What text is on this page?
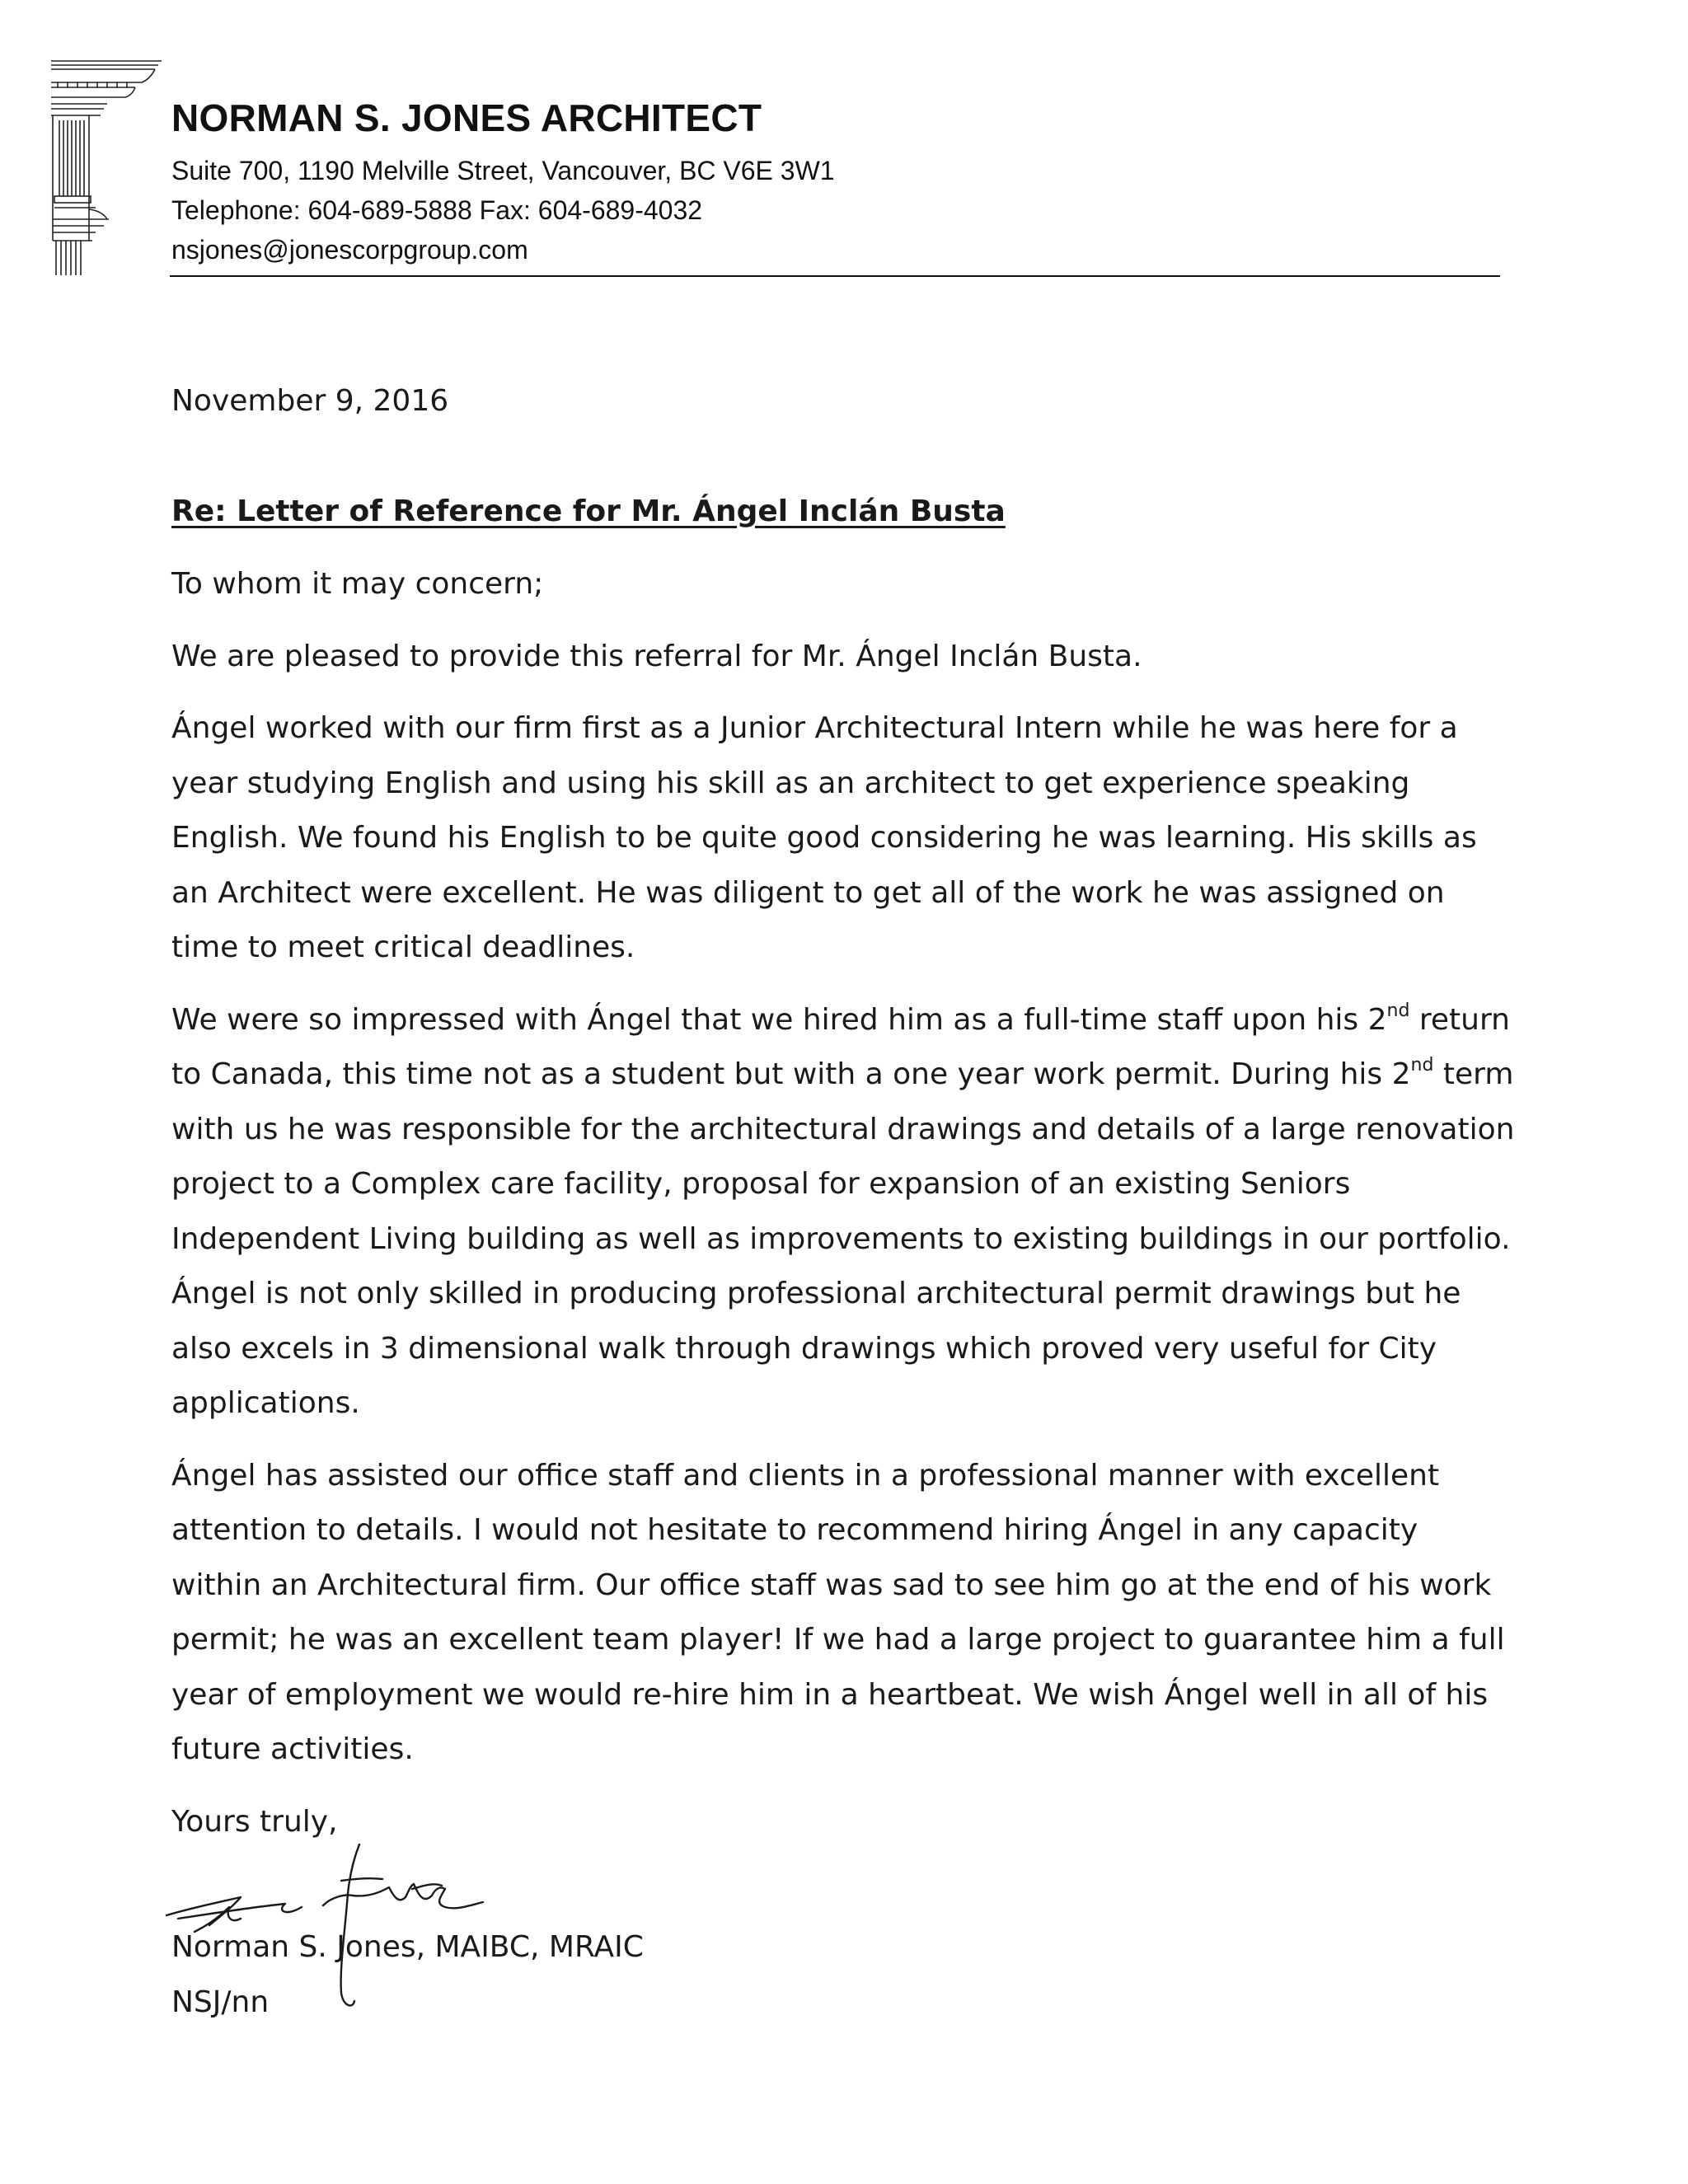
NORMAN S. JONES ARCHITECT

Suite 700, 1190 Melville Street, Vancouver, BC V6E 3W1

Telephone: 604-689-5888 Fax: 604-689-4032

nsjones@jonescorpgroup.com

November 9, 2016

Re: Letter of Reference for Mr. Ángel Inclán Busta

To whom it may concern;

We are pleased to provide this referral for Mr. Ángel Inclán Busta.

Ángel worked with our firm first as a Junior Architectural Intern while he was here for a year studying English and using his skill as an architect to get experience speaking English. We found his English to be quite good considering he was learning. His skills as an Architect were excellent. He was diligent to get all of the work he was assigned on time to meet critical deadlines.

We were so impressed with Ángel that we hired him as a full-time staff upon his 2nd return to Canada, this time not as a student but with a one year work permit. During his 2nd term with us he was responsible for the architectural drawings and details of a large renovation project to a Complex care facility, proposal for expansion of an existing Seniors Independent Living building as well as improvements to existing buildings in our portfolio. Ángel is not only skilled in producing professional architectural permit drawings but he also excels in 3 dimensional walk through drawings which proved very useful for City applications.

Ángel has assisted our office staff and clients in a professional manner with excellent attention to details. I would not hesitate to recommend hiring Ángel in any capacity within an Architectural firm. Our office staff was sad to see him go at the end of his work permit; he was an excellent team player! If we had a large project to guarantee him a full year of employment we would re-hire him in a heartbeat. We wish Ángel well in all of his future activities.

Yours truly,

Norman S. Jones, MAIBC, MRAIC

NSJ/nn
